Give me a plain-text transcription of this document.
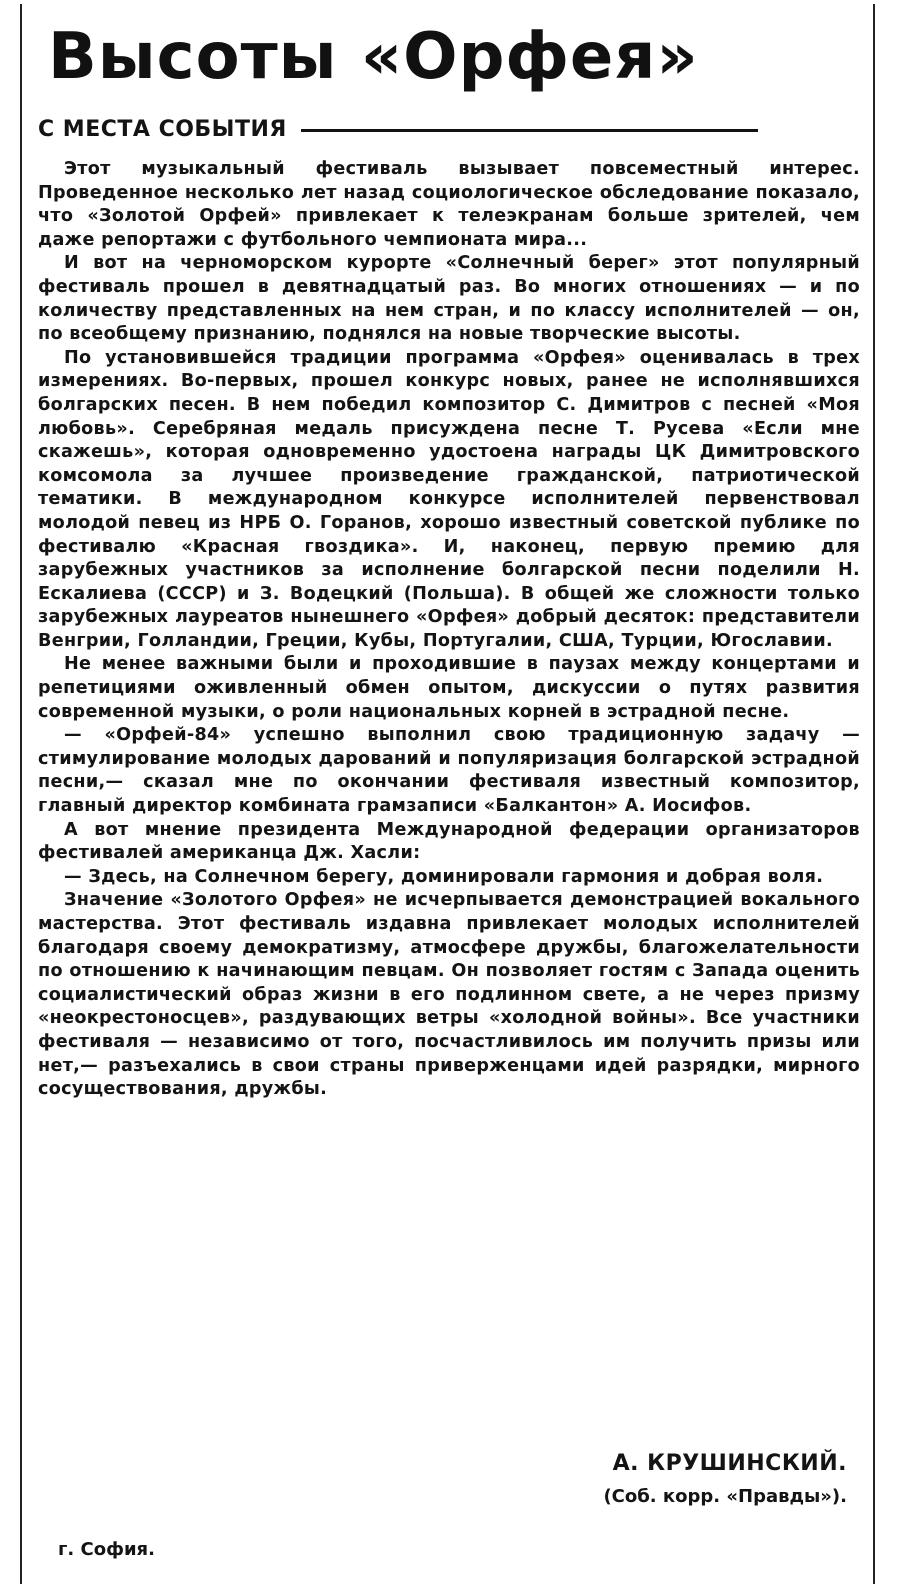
Высоты «Орфея»
С МЕСТА СОБЫТИЯ

Этот музыкальный фестиваль вызывает повсеместный интерес. Проведенное несколько лет назад социологическое обследование показало, что «Золотой Орфей» привлекает к телеэкранам больше зрителей, чем даже репортажи с футбольного чемпионата мира...

И вот на черноморском курорте «Солнечный берег» этот популярный фестиваль прошел в девятнадцатый раз. Во многих отношениях — и по количеству представленных на нем стран, и по классу исполнителей — он, по всеобщему признанию, поднялся на новые творческие высоты.

По установившейся традиции программа «Орфея» оценивалась в трех измерениях. Во-первых, прошел конкурс новых, ранее не исполнявшихся болгарских песен. В нем победил композитор С. Димитров с песней «Моя любовь». Серебряная медаль присуждена песне Т. Русева «Если мне скажешь», которая одновременно удостоена награды ЦК Димитровского комсомола за лучшее произведение гражданской, патриотической тематики. В международном конкурсе исполнителей первенствовал молодой певец из НРБ О. Горанов, хорошо известный советской публике по фестивалю «Красная гвоздика». И, наконец, первую премию для зарубежных участников за исполнение болгарской песни поделили Н. Ескалиева (СССР) и З. Водецкий (Польша). В общей же сложности только зарубежных лауреатов нынешнего «Орфея» добрый десяток: представители Венгрии, Голландии, Греции, Кубы, Португалии, США, Турции, Югославии.

Не менее важными были и проходившие в паузах между концертами и репетициями оживленный обмен опытом, дискуссии о путях развития современной музыки, о роли национальных корней в эстрадной песне.

— «Орфей-84» успешно выполнил свою традиционную задачу — стимулирование молодых дарований и популяризация болгарской эстрадной песни,— сказал мне по окончании фестиваля известный композитор, главный директор комбината грамзаписи «Балкантон» А. Иосифов.

А вот мнение президента Международной федерации организаторов фестивалей американца Дж. Хасли:

— Здесь, на Солнечном берегу, доминировали гармония и добрая воля.

Значение «Золотого Орфея» не исчерпывается демонстрацией вокального мастерства. Этот фестиваль издавна привлекает молодых исполнителей благодаря своему демократизму, атмосфере дружбы, благожелательности по отношению к начинающим певцам. Он позволяет гостям с Запада оценить социалистический образ жизни в его подлинном свете, а не через призму «неокрестоносцев», раздувающих ветры «холодной войны». Все участники фестиваля — независимо от того, посчастливилось им получить призы или нет,— разъехались в свои страны приверженцами идей разрядки, мирного сосуществования, дружбы.

А. КРУШИНСКИЙ.
(Соб. корр. «Правды»).
г. София.
